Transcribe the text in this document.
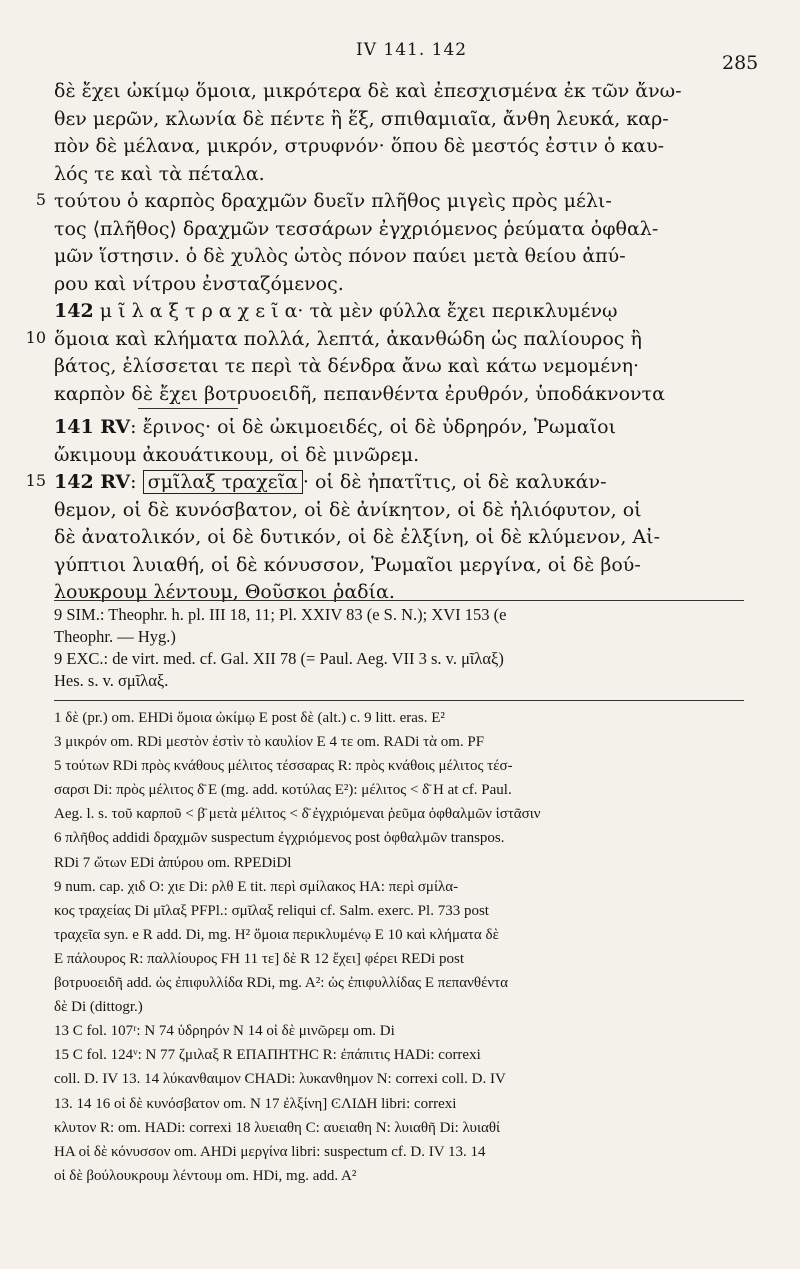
IV 141. 142
285
δὲ ἔχει ὠκίμῳ ὅμοια, μικρότερα δὲ καὶ ἐπεσχισμένα ἐκ τῶν ἄνω-
θεν μερῶν, κλωνία δὲ πέντε ἢ ἕξ, σπιθαμιαῖα, ἄνθη λευκά, καρ-
πὸν δὲ μέλανα, μικρόν, στρυφνόν· ὅπου δὲ μεστός ἐστιν ὁ καυ-
λός τε καὶ τὰ πέταλα.
5 τούτου ὁ καρπὸς δραχμῶν δυεῖν πλῆθος μιγεὶς πρὸς μέλι-
τος ⟨πλῆθος⟩ δραχμῶν τεσσάρων ἐγχριόμενος ῥεύματα ὀφθαλ-
μῶν ἵστησιν. ὁ δὲ χυλὸς ὠτὸς πόνον παύει μετὰ θείου ἀπύ-
ρου καὶ νίτρου ἐνσταζόμενος.
142 μ ῖ λ α ξ τ ρ α χ ε ῖ α· τὰ μὲν φύλλα ἔχει περικλυμένῳ
10 ὅμοια καὶ κλήματα πολλά, λεπτά, ἀκανθώδη ὡς παλίουρος ἢ
βάτος, ἑλίσσεται τε περὶ τὰ δένδρα ἄνω καὶ κάτω νεμομένη·
καρπὸν δὲ ἔχει βοτρυοειδῆ, πεπανθέντα ἐρυθρόν, ὑποδάκνοντα
141 RV: ἔρινος· οἱ δὲ ὠκιμοειδές, οἱ δὲ ὑδρηρόν, Ῥωμαῖοι
ὤκιμουμ ἀκουάτικουμ, οἱ δὲ μινῶρεμ.
15 142 RV: σμῖλαξ τραχεῖα · οἱ δὲ ἠπατῖτις, οἱ δὲ καλυκάν-
θεμον, οἱ δὲ κυνόσβατον, οἱ δὲ ἀνίκητον, οἱ δὲ ἡλιόφυτον, οἱ
δὲ ἀνατολικόν, οἱ δὲ δυτικόν, οἱ δὲ ἐλξίνη, οἱ δὲ κλύμενον, Αἰ-
γύπτιοι λυιαθή, οἱ δὲ κόνυσσον, Ῥωμαῖοι μεργίνα, οἱ δὲ βού-
λουκρουμ λέντουμ, Θοῦσκοι ῥαδία.
9 SIM.: Theophr. h. pl. III 18, 11; Pl. XXIV 83 (e S. N.); XVI 153 (e
Theophr. — Hyg.)
9 EXC.: de virt. med. cf. Gal. XII 78 (= Paul. Aeg. VII 3 s. v. μῖλαξ)
Hes. s. v. σμῖλαξ.
1 δὲ (pr.) om. EHDi ὅμοια ὠκίμῳ E post δὲ (alt.) c. 9 litt. eras. E²
3 μικρόν om. RDi μεστὸν ἐστὶν τὸ καυλίον E 4 τε om. RADi τὰ om. PF
5 τούτων RDi πρὸς κνάθους μέλιτος τέσσαρας R: πρὸς κνάθοις μέλιτος τέσ-
σαρσι Di: πρὸς μέλιτος δ̄ E (mg. add. κοτύλας E²): μέλιτος < δ̄ H at cf. Paul.
Aeg. l. s. τοῦ καρποῦ < β̄ μετὰ μέλιτος < δ̄ ἐγχριόμεναι ῥεῦμα ὀφθαλμῶν ἱστᾶσιν
6 πλῆθος addidi δραχμῶν suspectum ἐγχριόμενος post ὀφθαλμῶν transpos.
RDi 7 ὤτων EDi ἀπύρου om. RPEDiDl
9 num. cap. χιδ O: χιε Di: ρλθ E tit. περὶ σμίλακος HA: περὶ σμίλα-
κος τραχείας Di μῖλαξ PFPl.: σμῖλαξ reliqui cf. Salm. exerc. Pl. 733 post
τραχεῖα syn. e R add. Di, mg. H² ὅμοια περικλυμένῳ E 10 καὶ κλήματα δὲ
E πάλουρος R: παλλίουρος FH 11 τε] δὲ R 12 ἔχει] φέρει REDi post
βοτρυοειδῆ add. ὡς ἐπιφυλλίδα RDi, mg. A²: ὡς ἐπιφυλλίδας E πεπανθέντα
δὲ Di (dittogr.)
13 C fol. 107ʳ: N 74 ὑδρηρόν N 14 οἱ δὲ μινῶρεμ om. Di
15 C fol. 124ᵛ: N 77 ζμιλαξ R ΕΠΑΠΗΤΗϹ R: ἐπάπιτις HADi: correxi
coll. D. IV 13. 14 λύκανθαιμον CHADi: λυκανθημον N: correxi coll. D. IV
13. 14 16 οἱ δὲ κυνόσβατον om. N 17 ἐλξίνη] ϾΛΙΔΗ libri: correxi
κλυτον R: om. HADi: correxi 18 λυειαθη C: αυειαθη N: λυιαθῆ Di: λυιαθί
HA οἱ δὲ κόνυσσον om. AHDi μεργίνα libri: suspectum cf. D. IV 13. 14
οἱ δὲ βούλουκρουμ λέντουμ om. HDi, mg. add. A²
